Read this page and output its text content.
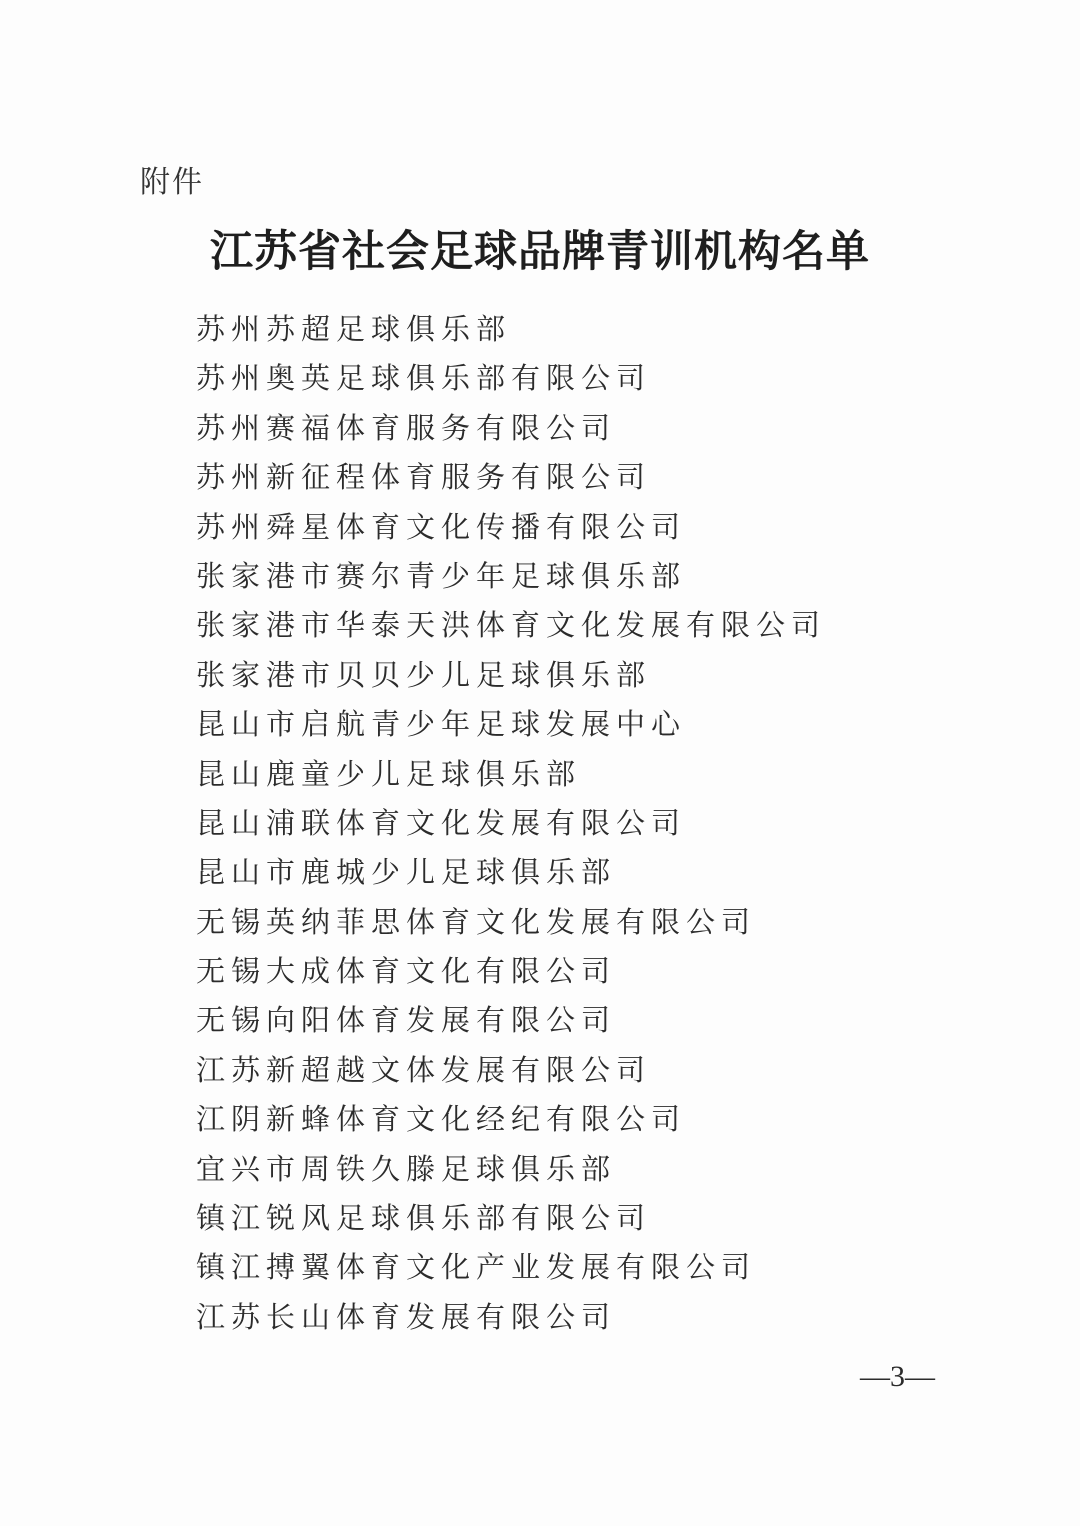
附件
江苏省社会足球品牌青训机构名单
苏州苏超足球俱乐部
苏州奥英足球俱乐部有限公司
苏州赛福体育服务有限公司
苏州新征程体育服务有限公司
苏州舜星体育文化传播有限公司
张家港市赛尔青少年足球俱乐部
张家港市华泰天洪体育文化发展有限公司
张家港市贝贝少儿足球俱乐部
昆山市启航青少年足球发展中心
昆山鹿童少儿足球俱乐部
昆山浦联体育文化发展有限公司
昆山市鹿城少儿足球俱乐部
无锡英纳菲思体育文化发展有限公司
无锡大成体育文化有限公司
无锡向阳体育发展有限公司
江苏新超越文体发展有限公司
江阴新蜂体育文化经纪有限公司
宜兴市周铁久滕足球俱乐部
镇江锐风足球俱乐部有限公司
镇江搏翼体育文化产业发展有限公司
江苏长山体育发展有限公司
—3—
